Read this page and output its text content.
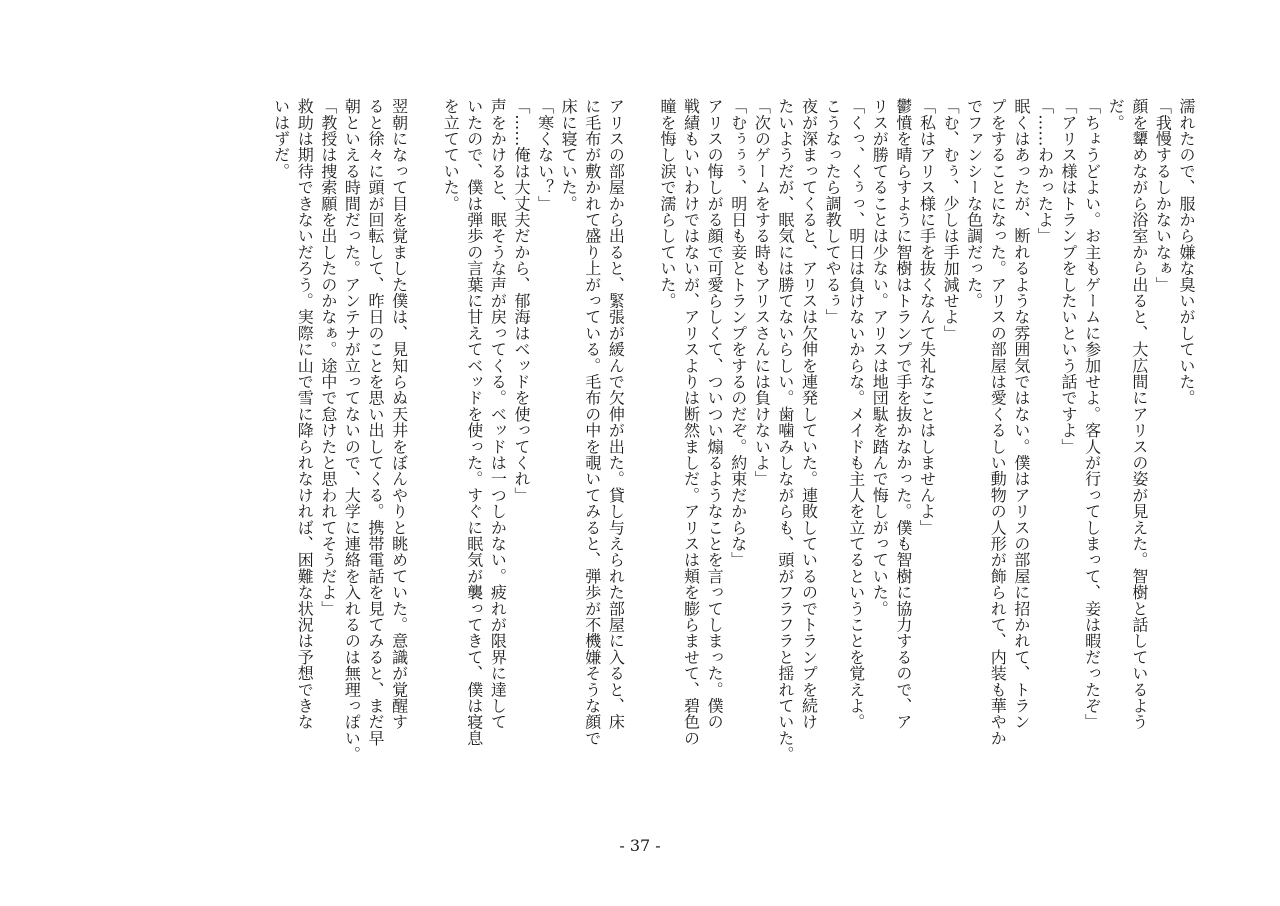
濡れたので、服から嫌な臭いがしていた。
「我慢するしかないなぁ」
顔を顰めながら浴室から出ると、大広間にアリスの姿が見えた。智樹と話しているよう
だ。
「ちょうどよい。お主もゲームに参加せよ。客人が行ってしまって、妾は暇だったぞ」
「アリス様はトランプをしたいという話ですよ」
「……わかったよ」
眠くはあったが、断れるような雰囲気ではない。僕はアリスの部屋に招かれて、トラン
プをすることになった。アリスの部屋は愛くるしい動物の人形が飾られて、内装も華やか
でファンシーな色調だった。
「む、むぅ、少しは手加減せよ」
「私はアリス様に手を抜くなんて失礼なことはしませんよ」
鬱憤を晴らすように智樹はトランプで手を抜かなかった。僕も智樹に協力するので、ア
リスが勝てることは少ない。アリスは地団駄を踏んで悔しがっていた。
「くっ、くぅっ、明日は負けないからな。メイドも主人を立てるということを覚えよ。
こうなったら調教してやるぅ」
夜が深まってくると、アリスは欠伸を連発していた。連敗しているのでトランプを続け
たいようだが、眠気には勝てないらしい。歯噛みしながらも、頭がフラフラと揺れていた。
「次のゲームをする時もアリスさんには負けないよ」
「むぅぅぅ、明日も妾とトランプをするのだぞ。約束だからな」
アリスの悔しがる顔で可愛らしくて、ついつい煽るようなことを言ってしまった。僕の
戦績もいいわけではないが、アリスよりは断然ましだ。アリスは頬を膨らませて、碧色の
瞳を悔し涙で濡らしていた。
アリスの部屋から出ると、緊張が緩んで欠伸が出た。貸し与えられた部屋に入ると、床
に毛布が敷かれて盛り上がっている。毛布の中を覗いてみると、弾歩が不機嫌そうな顔で
床に寝ていた。
「寒くない？」
「……俺は大丈夫だから、郁海はベッドを使ってくれ」
声をかけると、眠そうな声が戻ってくる。ベッドは一つしかない。疲れが限界に達して
いたので、僕は弾歩の言葉に甘えてベッドを使った。すぐに眠気が襲ってきて、僕は寝息
を立てていた。
翌朝になって目を覚ました僕は、見知らぬ天井をぼんやりと眺めていた。意識が覚醒す
ると徐々に頭が回転して、昨日のことを思い出してくる。携帯電話を見てみると、まだ早
朝といえる時間だった。アンテナが立ってないので、大学に連絡を入れるのは無理っぽい。
「教授は捜索願を出したのかなぁ。途中で怠けたと思われてそうだよ」
救助は期待できないだろう。実際に山で雪に降られなければ、困難な状況は予想できな
いはずだ。
- 37 -
